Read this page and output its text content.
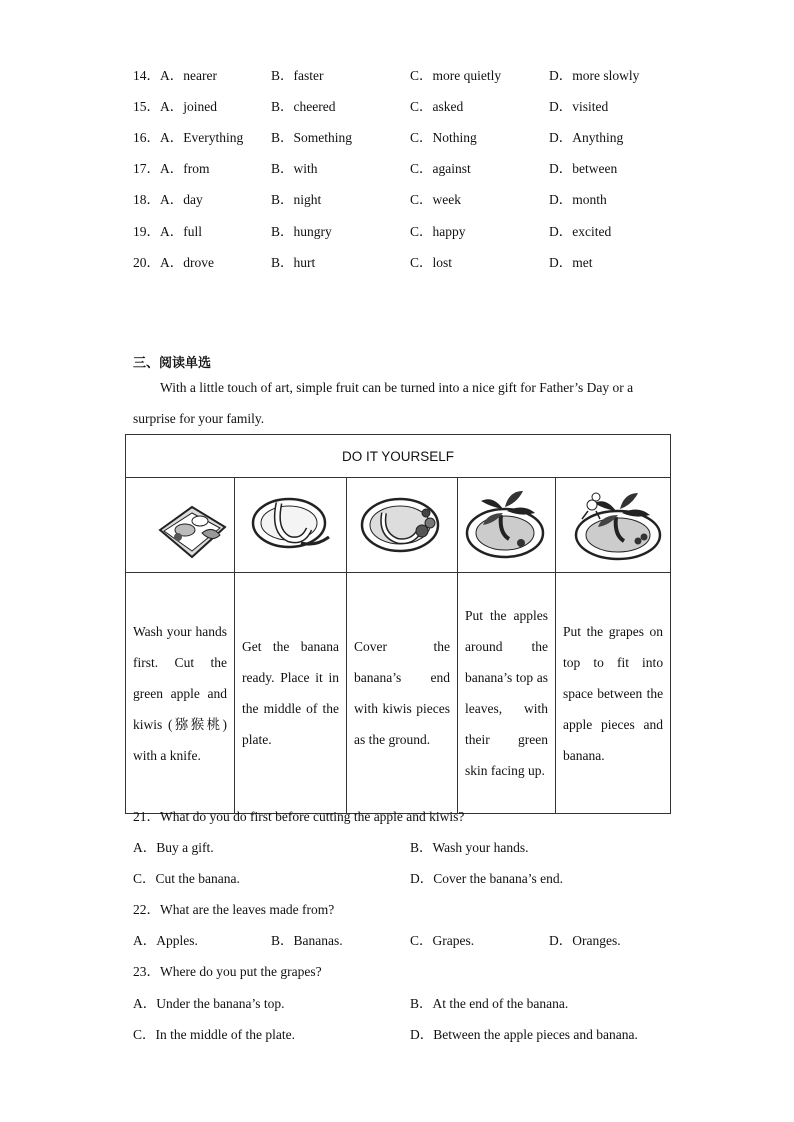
14． A．nearer	B．faster	C．more quietly	D．more slowly
15． A．joined	B．cheered	C．asked	D．visited
16． A．Everything B．Something	C．Nothing	D．Anything
17． A．from	B．with	C．against	D．between
18． A．day	B．night	C．week	D．month
19． A．full	B．hungry	C．happy	D．excited
20． A．drove	B．hurt	C．lost	D．met
三、阅读单选
With a little touch of art, simple fruit can be turned into a nice gift for Father’s Day or a
surprise for your family.
DO IT YOURSELF				

Wash your hands first. Cut the green apple and kiwis (猕猴桃) with a knife.	Get the banana ready. Place it in the middle of the plate.	Cover the banana’s end with kiwis pieces as the ground.	Put the apples around the banana’s top as leaves, with their green skin facing up.	Put the grapes on top to fit into space between the apple pieces and banana.
21．What do you do first before cutting the apple and kiwis?
A．Buy a gift.	B．Wash your hands.
C．Cut the banana.	D．Cover the banana’s end.
22．What are the leaves made from?
A．Apples.	B．Bananas.	C．Grapes.	D．Oranges.
23．Where do you put the grapes?
A．Under the banana’s top.	B．At the end of the banana.
C．In the middle of the plate.	D．Between the apple pieces and banana.
